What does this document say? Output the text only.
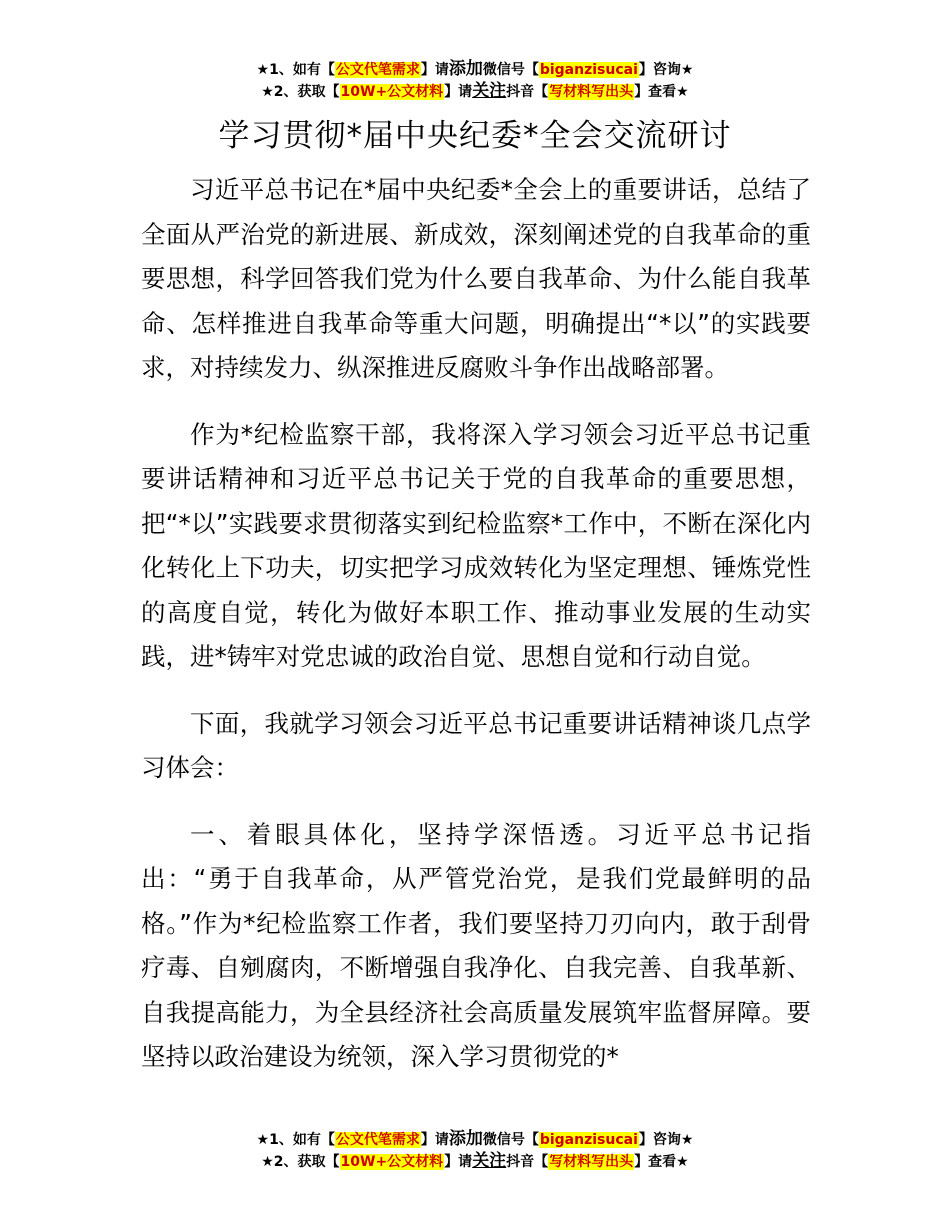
★1、如有【公文代笔需求】请添加微信号【biganzisucai】咨询★
★2、获取【10W+公文材料】请关注抖音【写材料写出头】查看★
学习贯彻*届中央纪委*全会交流研讨

习近平总书记在*届中央纪委*全会上的重要讲话，总结了全面从严治党的新进展、新成效，深刻阐述党的自我革命的重要思想，科学回答我们党为什么要自我革命、为什么能自我革命、怎样推进自我革命等重大问题，明确提出“*以”的实践要求，对持续发力、纵深推进反腐败斗争作出战略部署。

作为*纪检监察干部，我将深入学习领会习近平总书记重要讲话精神和习近平总书记关于党的自我革命的重要思想，把“*以”实践要求贯彻落实到纪检监察*工作中，不断在深化内化转化上下功夫，切实把学习成效转化为坚定理想、锤炼党性的高度自觉，转化为做好本职工作、推动事业发展的生动实践，进*铸牢对党忠诚的政治自觉、思想自觉和行动自觉。

下面，我就学习领会习近平总书记重要讲话精神谈几点学习体会：

一、着眼具体化，坚持学深悟透。习近平总书记指出：“勇于自我革命，从严管党治党，是我们党最鲜明的品格。”作为*纪检监察工作者，我们要坚持刀刃向内，敢于刮骨疗毒、自剜腐肉，不断增强自我净化、自我完善、自我革新、自我提高能力，为全县经济社会高质量发展筑牢监督屏障。要坚持以政治建设为统领，深入学习贯彻党的*

★1、如有【公文代笔需求】请添加微信号【biganzisucai】咨询★
★2、获取【10W+公文材料】请关注抖音【写材料写出头】查看★
